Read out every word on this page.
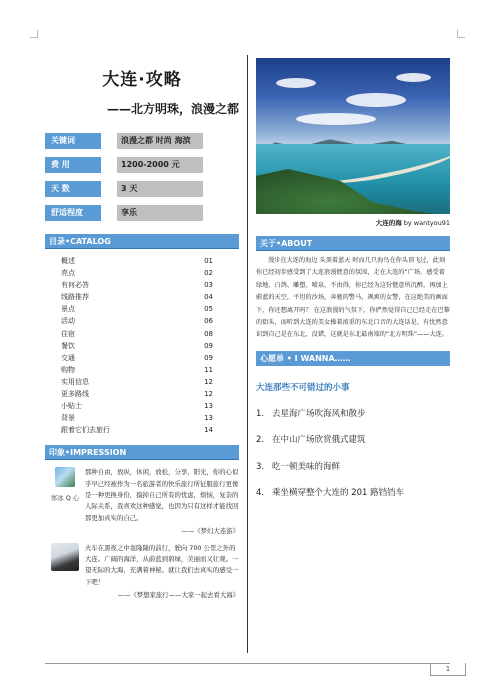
大连·攻略
——北方明珠，浪漫之都
关键词	浪漫之都 时尚 海滨
费 用	1200-2000 元
天 数	3 天
舒适程度	享乐
目录•CATALOG
概述	01
亮点	02
有何必答	03
线路推荐	04
景点	05
活动	06
住宿	08
餐饮	09
交通	09
购物	11
实用信息	12
更多路线	12
小贴士	13
背景	13
跟着它们去旅行	14
印象•IMPRESSION
寒冰 Q 心
那种自由，放纵，休闲，放松，分享，阳光，你的心似乎早已经被作为一名旅游者的快乐旅行所征服旅行更像是一种更换身份，摸掉自己所有的忧虑，烦恼，复杂的人际关系，我喜欢这种感觉，也因为只有这样才能找回那更加真实的自己。
——《梦幻大连游》
火车在黑夜之中轰隆隆的前行，驶向 700 公里之外的大连。广阔的海洋，从蔚蓝到碧绿，美丽而又壮观。一望无际的大海，充满着神秘。就让我们去真实的感受一下吧！
——《梦想家旅行——大家一起去看大海》
大连的海 by wantyou91
关于•ABOUT
漫步在大连的海边 头顶着蓝天 时而几只海鸟在你头顶飞过，此刻你已经初步感受到了大连浪漫惬意的氛围，走在大连的“广场，感受着绿地、白鸽、雕塑、喷泉，不由得，你已经为这份惬意所沉醉。再加上蔚蓝的天空，平坦的沙场，奔驰的警马，飒爽的女警，在这绝美的画面下，你还想离开吗？ 在这浪漫的气氛下，你俨然觉得自己已经走在巴黎的街头，而听到大连的美女操着浓重的东北口音的大连话是，有忧然意识到自己是在东北，没错，这就是东北最南端的“北方明珠”——大连。
心愿单 • I WANNA……
大连那些不可错过的小事
1. 去星海广场吹海风和散步
2. 在中山广场欣赏俄式建筑
3. 吃一顿美味的海鲜
4. 乘坐横穿整个大连的 201 路铛铛车
1
